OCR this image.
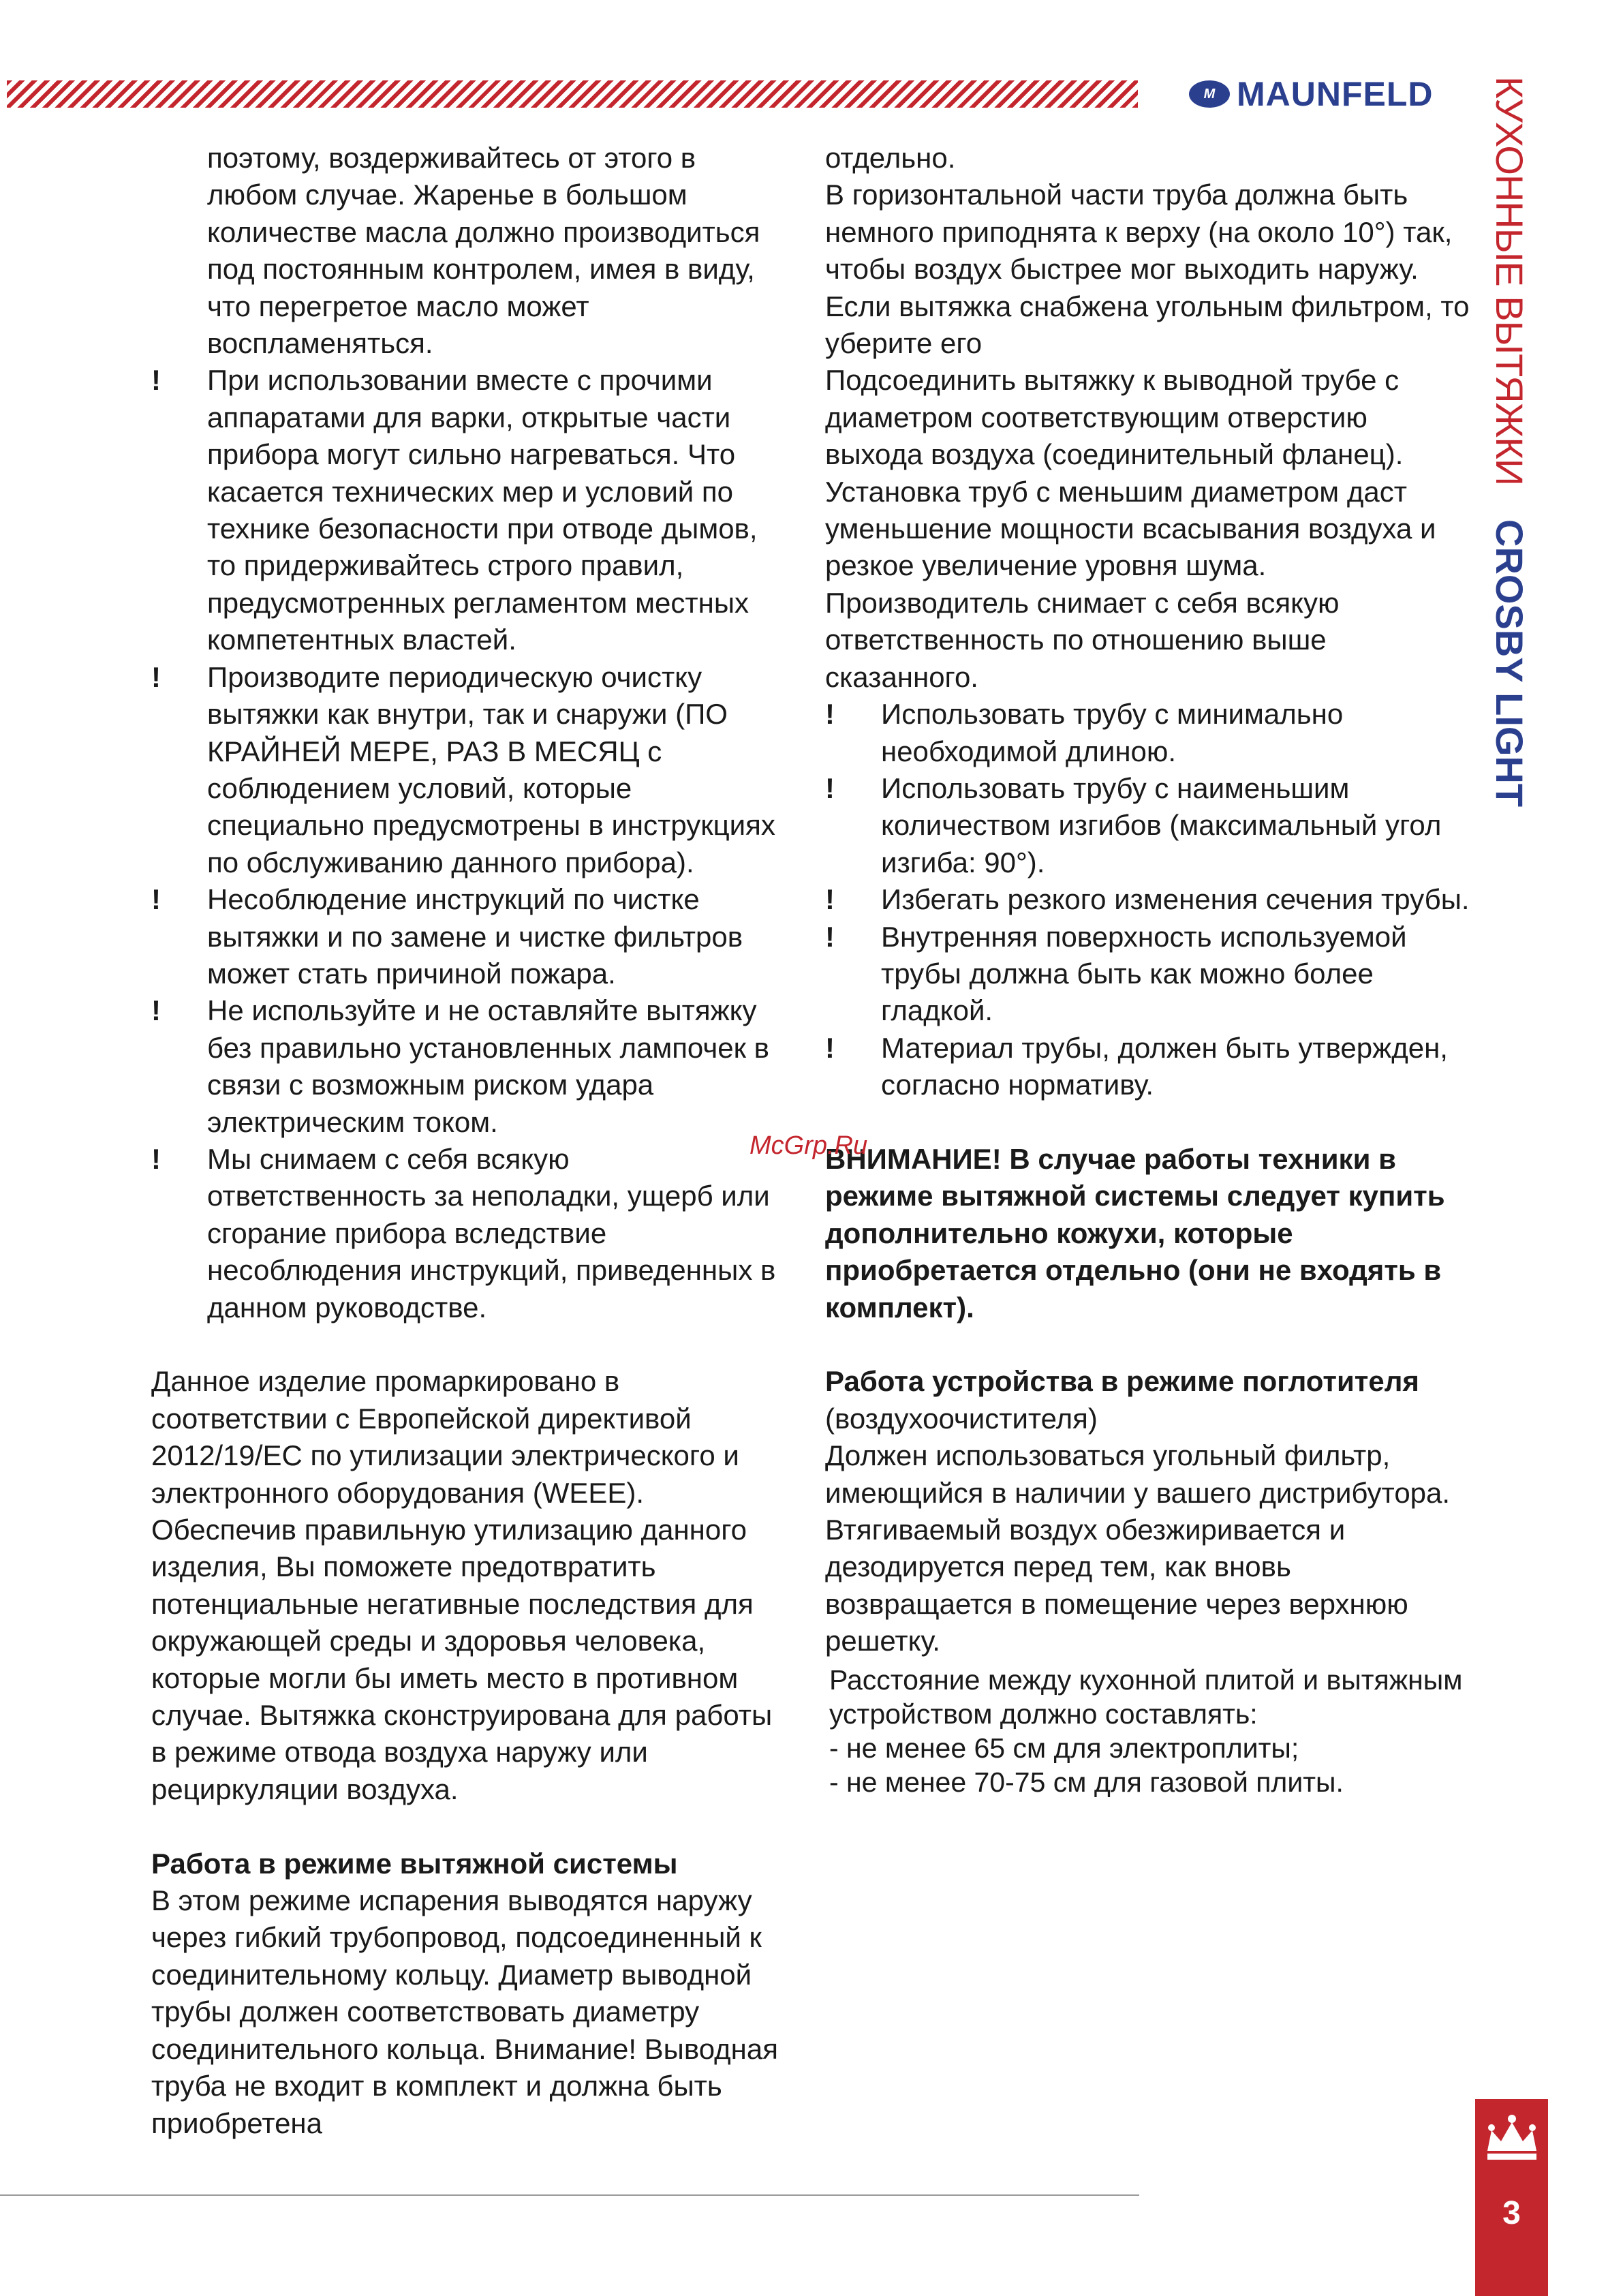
M MAUNFELD КУХОННЫЕ ВЫТЯЖКИ CROSBY LIGHT

поэтому, воздерживайтесь от этого в любом случае. Жаренье в большом количестве масла должно производиться под постоянным контролем, имея в виду, что перегретое масло может воспламеняться.

! При использовании вместе с прочими аппаратами для варки, открытые части прибора могут сильно нагреваться. Что касается технических мер и условий по технике безопасности при отводе дымов, то придерживайтесь строго правил, предусмотренных регламентом местных компетентных властей.
! Производите периодическую очистку вытяжки как внутри, так и снаружи (ПО КРАЙНЕЙ МЕРЕ, РАЗ В МЕСЯЦ с соблюдением условий, которые специально предусмотрены в инструкциях по обслуживанию данного прибора).
! Несоблюдение инструкций по чистке вытяжки и по замене и чистке фильтров может стать причиной пожара.
! Не используйте и не оставляйте вытяжку без правильно установленных лампочек в связи с возможным риском удара электрическим током.
! Мы снимаем с себя всякую ответственность за неполадки, ущерб или сгорание прибора вследствие несоблюдения инструкций, приведенных в данном руководстве.

Данное изделие промаркировано в соответствии с Европейской директивой 2012/19/EC по утилизации электрического и электронного оборудования (WEEE). Обеспечив правильную утилизацию данного изделия, Вы поможете предотвратить потенциальные негативные последствия для окружающей среды и здоровья человека, которые могли бы иметь место в противном случае. Вытяжка сконструирована для работы в режиме отвода воздуха наружу или рециркуляции воздуха.

Работа в режиме вытяжной системы

В этом режиме испарения выводятся наружу через гибкий трубопровод, подсоединенный к соединительному кольцу. Диаметр выводной трубы должен соответствовать диаметру соединительного кольца. Внимание! Выводная труба не входит в комплект и должна быть приобретена

отдельно.

В горизонтальной части труба должна быть немного приподнята к верху (на около 10°) так, чтобы воздух быстрее мог выходить наружу. Если вытяжка снабжена угольным фильтром, то уберите его

Подсоединить вытяжку к выводной трубе с диаметром соответствующим отверстию выхода воздуха (соединительный фланец). Установка труб с меньшим диаметром даст уменьшение мощности всасывания воздуха и резкое увеличение уровня шума. Производитель снимает с себя всякую ответственность по отношению выше сказанного.

! Использовать трубу с минимально необходимой длиною.
! Использовать трубу с наименьшим количеством изгибов (максимальный угол изгиба: 90°).
! Избегать резкого изменения сечения трубы.
! Внутренняя поверхность используемой трубы должна быть как можно более гладкой.
! Материал трубы, должен быть утвержден, согласно нормативу.

ВНИМАНИЕ! В случае работы техники в режиме вытяжной системы следует купить дополнительно кожухи, которые приобретается отдельно (они не входять в комплект).

Работа устройства в режиме поглотителя (воздухоочистителя)

Должен использоваться угольный фильтр, имеющийся в наличии у вашего дистрибутора. Втягиваемый воздух обезжиривается и дезодируется перед тем, как вновь возвращается в помещение через верхнюю решетку.

Расстояние между кухонной плитой и вытяжным устройством должно составлять:

- не менее 65 см для электроплиты;

- не менее 70-75 см для газовой плиты.

McGrp.Ru
3
